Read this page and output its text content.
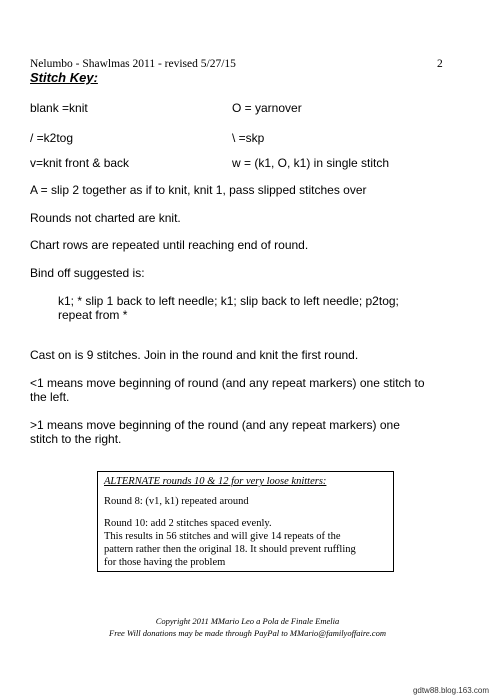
Nelumbo - Shawlmas 2011 - revised 5/27/15	2
Stitch Key:
blank =knit	O = yarnover
/ =k2tog	\ =skp
v=knit front & back	w = (k1, O, k1) in single stitch
A = slip 2 together as if to knit, knit 1, pass slipped stitches over
Rounds not charted are knit.
Chart rows are repeated until reaching end of round.
Bind off suggested is:
k1; * slip 1 back to left needle; k1; slip back to left needle; p2tog;
repeat from *
Cast on is 9 stitches. Join in the round and knit the first round.
<1 means move beginning of round (and any repeat markers) one stitch to
the left.
>1 means move beginning of the round (and any repeat markers) one
stitch to the right.
ALTERNATE rounds 10 & 12 for very loose knitters:
Round 8: (v1, k1) repeated around
Round 10: add 2 stitches spaced evenly.
This results in 56 stitches and will give 14 repeats of the
pattern rather then the original 18. It should prevent ruffling
for those having the problem
Copyright 2011 MMario Leo a Pola de Finale Emelia
Free Will donations may be made through PayPal to MMario@familyoffaire.com
gdtw88.blog.163.com
